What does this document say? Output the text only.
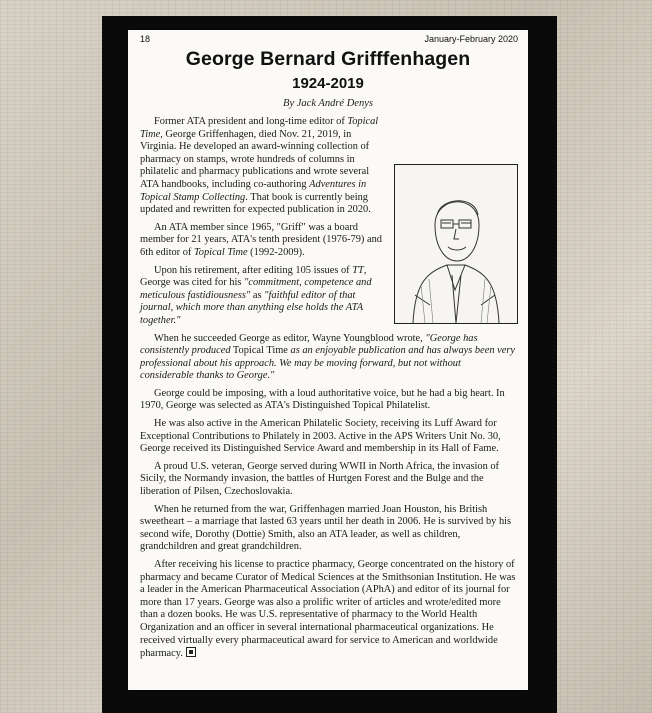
18	January-February 2020
George Bernard Grifffenhagen
1924-2019
By Jack André Denys

Former ATA president and long-time editor of Topical Time, George Griffenhagen, died Nov. 21, 2019, in Virginia. He developed an award-winning collection of pharmacy on stamps, wrote hundreds of columns in philatelic and pharmacy publications and wrote several ATA handbooks, including co-authoring Adventures in Topical Stamp Collecting. That book is currently being updated and rewritten for expected publication in 2020.

An ATA member since 1965, "Griff" was a board member for 21 years, ATA's tenth president (1976-79) and 6th editor of Topical Time (1992-2009).

Upon his retirement, after editing 105 issues of TT, George was cited for his "commitment, competence and meticulous fastidiousness" as "faithful editor of that journal, which more than anything else holds the ATA together."

When he succeeded George as editor, Wayne Youngblood wrote, "George has consistently produced Topical Time as an enjoyable publication and has always been very professional about his approach. We may be moving forward, but not without considerable thanks to George."

George could be imposing, with a loud authoritative voice, but he had a big heart. In 1970, George was selected as ATA's Distinguished Topical Philatelist.

He was also active in the American Philatelic Society, receiving its Luff Award for Exceptional Contributions to Philately in 2003. Active in the APS Writers Unit No. 30, George received its Distinguished Service Award and membership in its Hall of Fame.

A proud U.S. veteran, George served during WWII in North Africa, the invasion of Sicily, the Normandy invasion, the battles of Hurtgen Forest and the Bulge and the liberation of Pilsen, Czechoslovakia.

When he returned from the war, Griffenhagen married Joan Houston, his British sweetheart – a marriage that lasted 63 years until her death in 2006. He is survived by his second wife, Dorothy (Dottie) Smith, also an ATA leader, as well as children, grandchildren and great grandchildren.

After receiving his license to practice pharmacy, George concentrated on the history of pharmacy and became Curator of Medical Sciences at the Smithsonian Institution. He was a leader in the American Pharmaceutical Association (APhA) and editor of its journal for more than 17 years. George was also a prolific writer of articles and wrote/edited more than a dozen books. He was U.S. representative of pharmacy to the World Health Organization and an officer in several international pharmaceutical organizations. He received virtually every pharmaceutical award for service to American and worldwide pharmacy.
